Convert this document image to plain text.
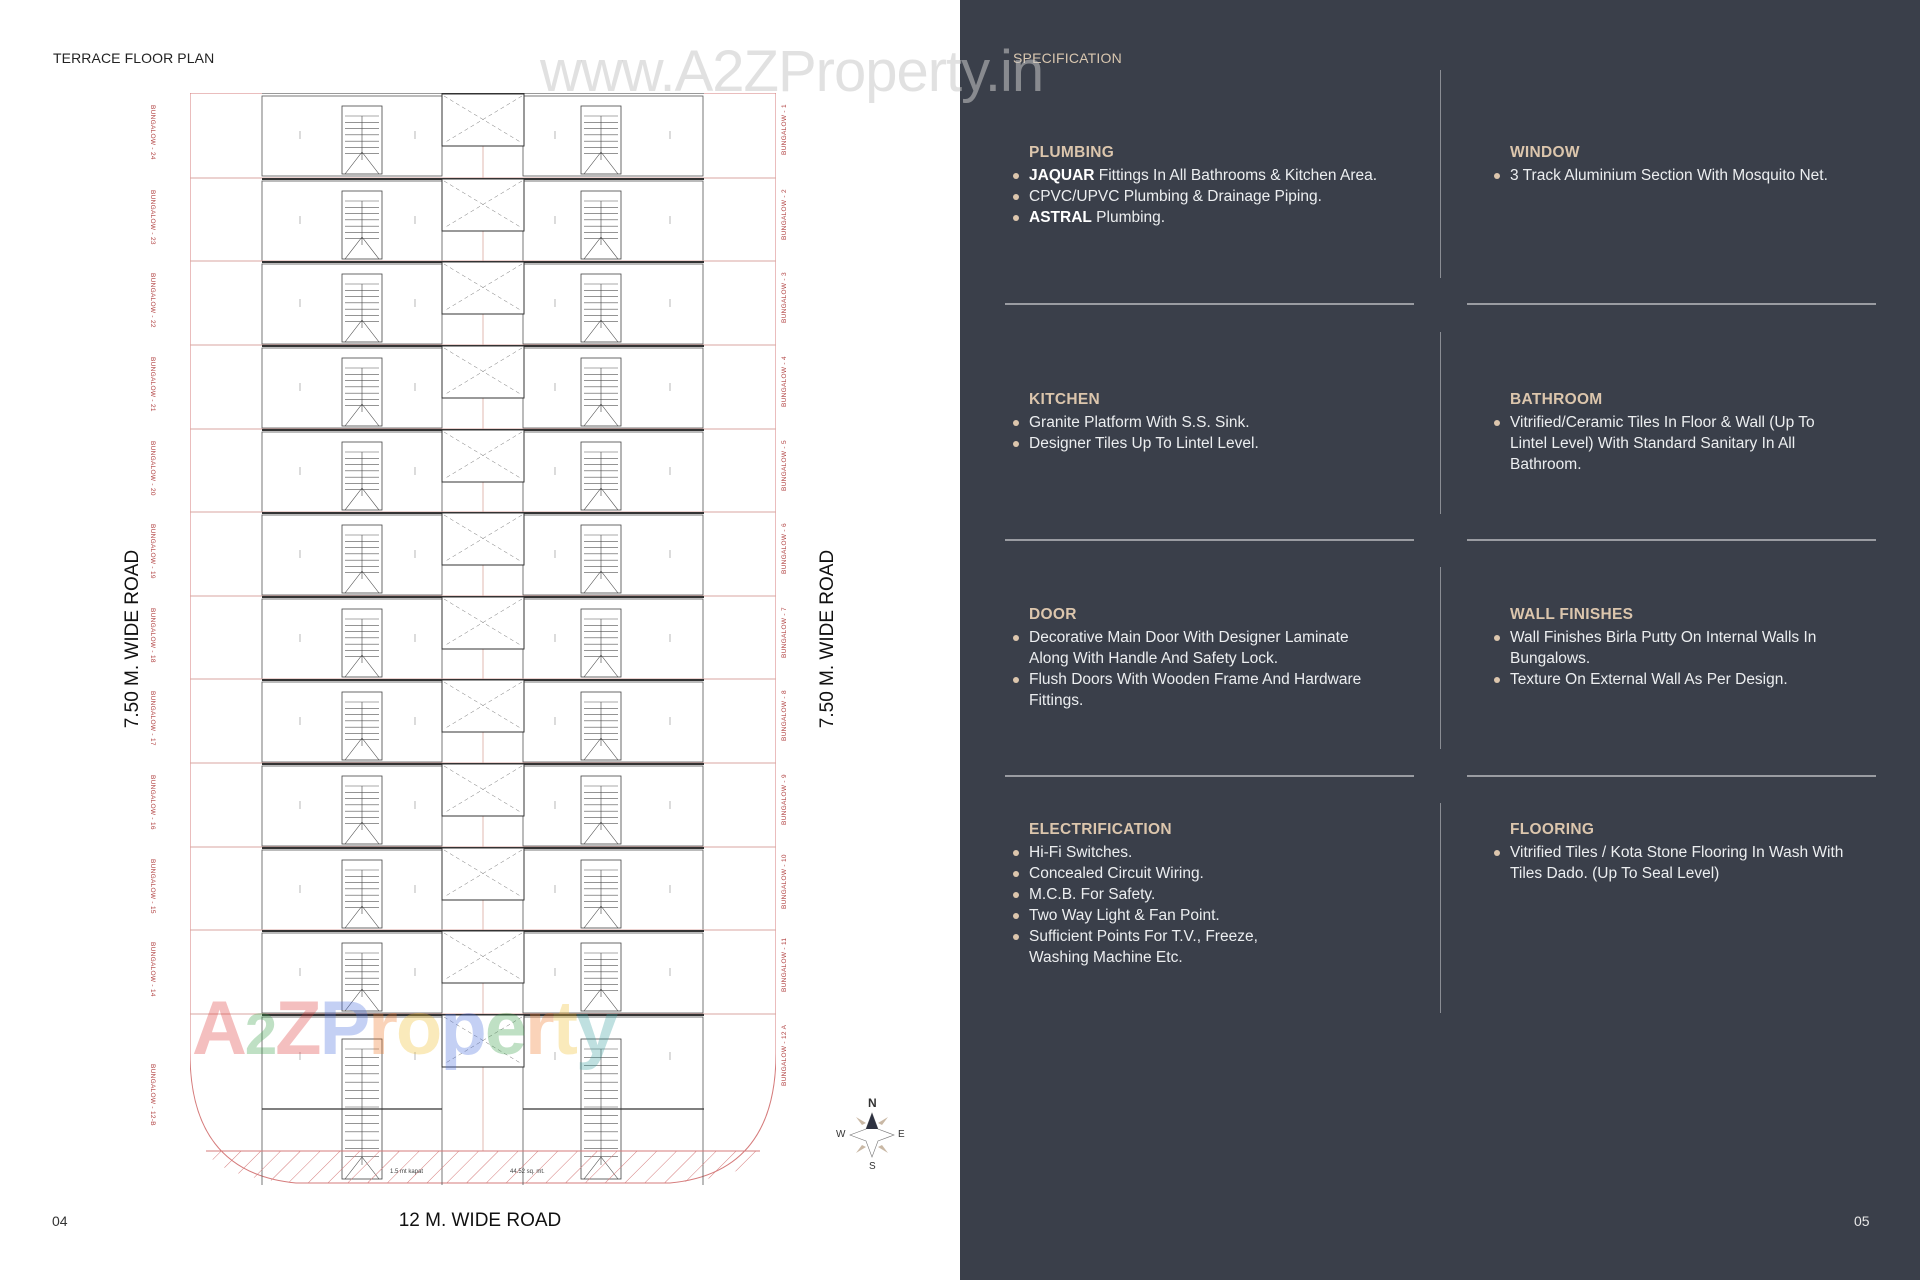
TERRACE FLOOR PLAN
BUNGALOW - 24
BUNGALOW - 23
BUNGALOW - 22
BUNGALOW - 21
BUNGALOW - 20
BUNGALOW - 19
BUNGALOW - 18
BUNGALOW - 17
BUNGALOW - 16
BUNGALOW - 15
BUNGALOW - 14
BUNGALOW - 12-B
BUNGALOW - 1
BUNGALOW - 2
BUNGALOW - 3
BUNGALOW - 4
BUNGALOW - 5
BUNGALOW - 6
BUNGALOW - 7
BUNGALOW - 8
BUNGALOW - 9
BUNGALOW - 10
BUNGALOW - 11
BUNGALOW - 12 A
1.5 mt kapat	44.52 sq. mt.
7.50 M. WIDE ROAD	7.50 M. WIDE ROAD
12 M. WIDE ROAD
N
S
E
W
A2ZProperty
04
www.A2ZProperty.in
SPECIFICATION
PLUMBING
JAQUAR Fittings In All Bathrooms & Kitchen Area.
CPVC/UPVC Plumbing & Drainage Piping.
ASTRAL Plumbing.
WINDOW
3 Track Aluminium Section With Mosquito Net.
KITCHEN
Granite Platform With S.S. Sink.
Designer Tiles Up To Lintel Level.
BATHROOM
Vitrified/Ceramic Tiles In Floor & Wall (Up To Lintel Level) With Standard Sanitary In All Bathroom.
DOOR
Decorative Main Door With Designer Laminate Along With Handle And Safety Lock.
Flush Doors With Wooden Frame And Hardware Fittings.
WALL FINISHES
Wall Finishes Birla Putty On Internal Walls In Bungalows.
Texture On External Wall As Per Design.
ELECTRIFICATION
Hi-Fi Switches.
Concealed Circuit Wiring.
M.C.B. For Safety.
Two Way Light & Fan Point.
Sufficient Points For T.V., Freeze, Washing Machine Etc.
FLOORING
Vitrified Tiles / Kota Stone Flooring In Wash With Tiles Dado. (Up To Seal Level)
05
